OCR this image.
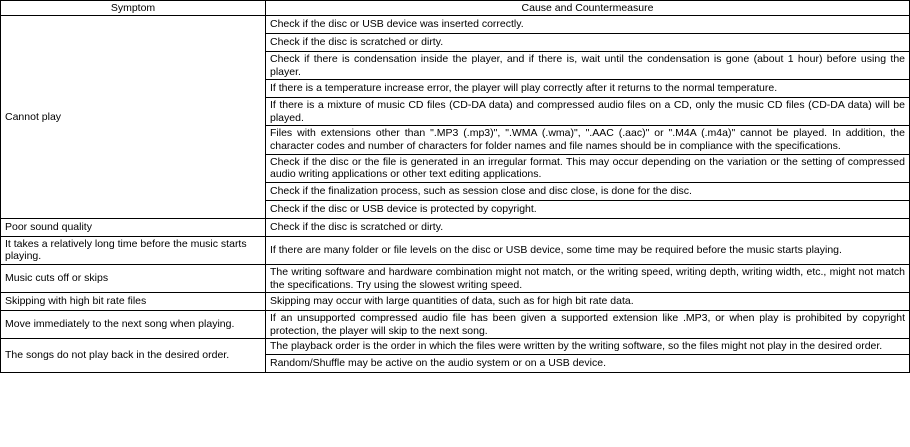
Symptom	Cause and Countermeasure
Cannot play	Check if the disc or USB device was inserted correctly.
	Check if the disc is scratched or dirty.
	Check if there is condensation inside the player, and if there is, wait until the condensation is gone (about 1 hour) before using the player.
	If there is a temperature increase error, the player will play correctly after it returns to the normal temperature.
	If there is a mixture of music CD files (CD-DA data) and compressed audio files on a CD, only the music CD files (CD-DA data) will be played.
	Files with extensions other than ".MP3 (.mp3)", ".WMA (.wma)", ".AAC (.aac)" or ".M4A (.m4a)" cannot be played. In addition, the character codes and number of characters for folder names and file names should be in compliance with the specifications.
	Check if the disc or the file is generated in an irregular format. This may occur depending on the variation or the setting of compressed audio writing applications or other text editing applications.
	Check if the finalization process, such as session close and disc close, is done for the disc.
	Check if the disc or USB device is protected by copyright.
Poor sound quality	Check if the disc is scratched or dirty.
It takes a relatively long time before the music starts playing.	If there are many folder or file levels on the disc or USB device, some time may be required before the music starts playing.
Music cuts off or skips	The writing software and hardware combination might not match, or the writing speed, writing depth, writing width, etc., might not match the specifications. Try using the slowest writing speed.
Skipping with high bit rate files	Skipping may occur with large quantities of data, such as for high bit rate data.
Move immediately to the next song when playing.	If an unsupported compressed audio file has been given a supported extension like .MP3, or when play is prohibited by copyright protection, the player will skip to the next song.
The songs do not play back in the desired order.	The playback order is the order in which the files were written by the writing software, so the files might not play in the desired order.
	Random/Shuffle may be active on the audio system or on a USB device.
